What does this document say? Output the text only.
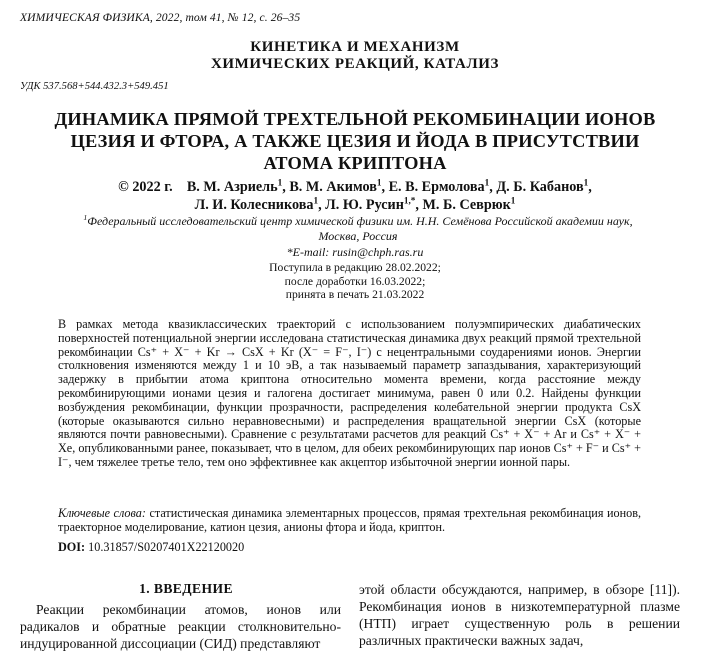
ХИМИЧЕСКАЯ ФИЗИКА, 2022, том 41, № 12, с. 26–35
КИНЕТИКА И МЕХАНИЗМ
ХИМИЧЕСКИХ РЕАКЦИЙ, КАТАЛИЗ
УДК 537.568+544.432.3+549.451
ДИНАМИКА ПРЯМОЙ ТРЕХТЕЛЬНОЙ РЕКОМБИНАЦИИ ИОНОВ
ЦЕЗИЯ И ФТОРА, А ТАКЖЕ ЦЕЗИЯ И ЙОДА В ПРИСУТСТВИИ
АТОМА КРИПТОНА
© 2022 г. В. М. Азриель$^1$, В. М. Акимов$^1$, Е. В. Ермолова$^1$, Д. Б. Кабанов$^1$,
Л. И. Колесникова$^1$, Л. Ю. Русин$^{1,*}$, М. Б. Севрюк$^1$
$^1$Федеральный исследовательский центр химической физики им. Н.Н. Семёнова Российской академии наук,
Москва, Россия
*E-mail: rusin@chph.ras.ru
Поступила в редакцию 28.02.2022;
после доработки 16.03.2022;
принята в печать 21.03.2022
В рамках метода квазиклассических траекторий с использованием полуэмпирических диабатических поверхностей потенциальной энергии исследована статистическая динамика двух реакций прямой трехтельной рекомбинации Cs⁺ + X⁻ + Kr → CsX + Kr (X⁻ = F⁻, I⁻) с нецентральными соударениями ионов. Энергии столкновения изменяются между 1 и 10 эВ, а так называемый параметр запаздывания, характеризующий задержку в прибытии атома криптона относительно момента времени, когда расстояние между рекомбинирующими ионами цезия и галогена достигает минимума, равен 0 или 0.2. Найдены функции возбуждения рекомбинации, функции прозрачности, распределения колебательной энергии продукта CsX (которые оказываются сильно неравновесными) и распределения вращательной энергии CsX (которые являются почти равновесными). Сравнение с результатами расчетов для реакций Cs⁺ + X⁻ + Ar и Cs⁺ + X⁻ + Xe, опубликованными ранее, показывает, что в целом, для обеих рекомбинирующих пар ионов Cs⁺ + F⁻ и Cs⁺ + I⁻, чем тяжелее третье тело, тем оно эффективнее как акцептор избыточной энергии ионной пары.
Ключевые слова: статистическая динамика элементарных процессов, прямая трехтельная рекомбинация ионов, траекторное моделирование, катион цезия, анионы фтора и йода, криптон.
DOI: 10.31857/S0207401X22120020
1. ВВЕДЕНИЕ
Реакции рекомбинации атомов, ионов или радикалов и обратные реакции столкновительно-индуцированной диссоциации (СИД) представляют
этой области обсуждаются, например, в обзоре [11]). Рекомбинация ионов в низкотемпературной плазме (НТП) играет существенную роль в решении различных практически важных задач,
